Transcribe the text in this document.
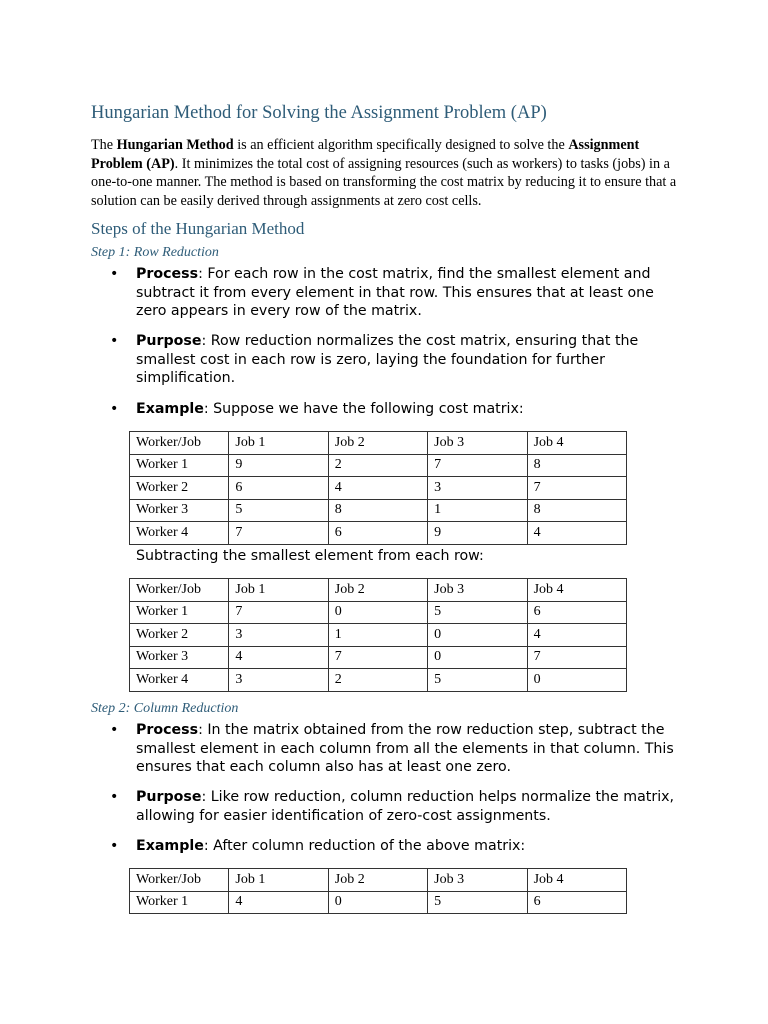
Hungarian Method for Solving the Assignment Problem (AP)
The Hungarian Method is an efficient algorithm specifically designed to solve the Assignment Problem (AP). It minimizes the total cost of assigning resources (such as workers) to tasks (jobs) in a one-to-one manner. The method is based on transforming the cost matrix by reducing it to ensure that a solution can be easily derived through assignments at zero cost cells.
Steps of the Hungarian Method
Step 1: Row Reduction
• Process: For each row in the cost matrix, find the smallest element and subtract it from every element in that row. This ensures that at least one zero appears in every row of the matrix.
• Purpose: Row reduction normalizes the cost matrix, ensuring that the smallest cost in each row is zero, laying the foundation for further simplification.
• Example: Suppose we have the following cost matrix:
Worker/Job	Job 1	Job 2	Job 3	Job 4
Worker 1	9	2	7	8
Worker 2	6	4	3	7
Worker 3	5	8	1	8
Worker 4	7	6	9	4
Subtracting the smallest element from each row:
Worker/Job	Job 1	Job 2	Job 3	Job 4
Worker 1	7	0	5	6
Worker 2	3	1	0	4
Worker 3	4	7	0	7
Worker 4	3	2	5	0
Step 2: Column Reduction
• Process: In the matrix obtained from the row reduction step, subtract the smallest element in each column from all the elements in that column. This ensures that each column also has at least one zero.
• Purpose: Like row reduction, column reduction helps normalize the matrix, allowing for easier identification of zero-cost assignments.
• Example: After column reduction of the above matrix:
Worker/Job	Job 1	Job 2	Job 3	Job 4
Worker 1	4	0	5	6
